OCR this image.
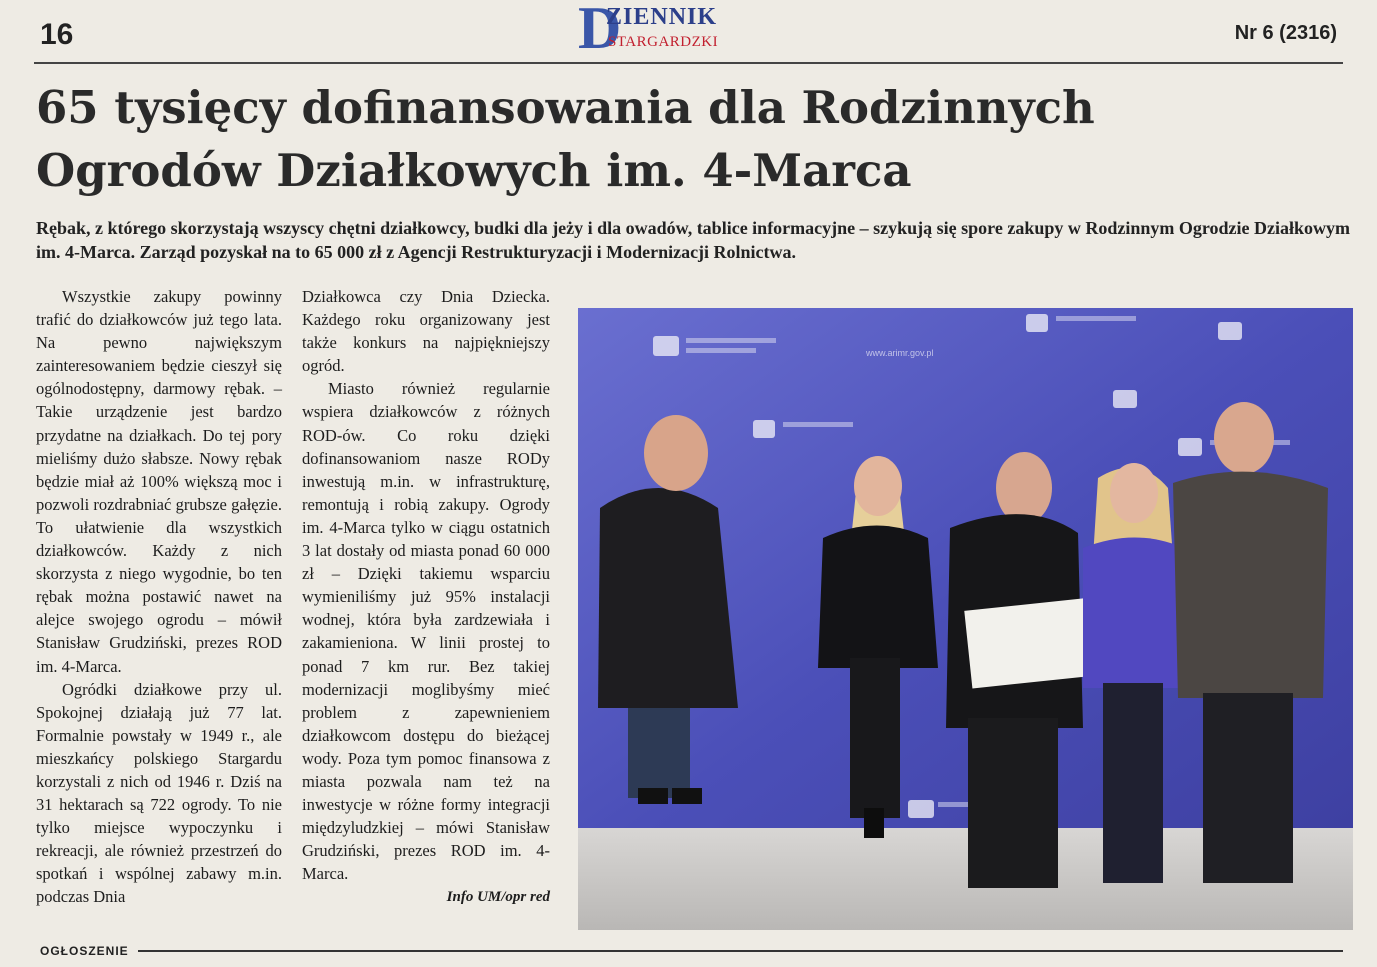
16	D
ZIENNIK
STARGARDZKI	Nr 6 (2316)
65 tysięcy dofinansowania dla Rodzinnych
Ogrodów Działkowych im. 4-Marca

Rębak, z którego skorzystają wszyscy chętni działkowcy, budki dla jeży i dla owadów, tablice informacyjne – szykują się spore zakupy w Rodzinnym Ogrodzie Działkowym im. 4-Marca. Zarząd pozyskał na to 65 000 zł z Agencji Restrukturyzacji i Modernizacji Rolnictwa.

Wszystkie zakupy powinny trafić do działkowców już tego lata. Na pewno największym zainteresowaniem będzie cieszył się ogólnodostępny, darmowy rębak. – Takie urządzenie jest bardzo przydatne na działkach. Do tej pory mieliśmy dużo słabsze. Nowy rębak będzie miał aż 100% większą moc i pozwoli rozdrabniać grubsze gałęzie. To ułatwienie dla wszystkich działkowców. Każdy z nich skorzysta z niego wygodnie, bo ten rębak można postawić nawet na alejce swojego ogrodu – mówił Stanisław Grudziński, prezes ROD im. 4-Marca.

Ogródki działkowe przy ul. Spokojnej działają już 77 lat. Formalnie powstały w 1949 r., ale mieszkańcy polskiego Stargardu korzystali z nich od 1946 r. Dziś na 31 hektarach są 722 ogrody. To nie tylko miejsce wypoczynku i rekreacji, ale również przestrzeń do spotkań i wspólnej zabawy m.in. podczas Dnia

Działkowca czy Dnia Dziecka. Każdego roku organizowany jest także konkurs na najpiękniejszy ogród.

Miasto również regularnie wspiera działkowców z różnych ROD-ów. Co roku dzięki dofinansowaniom nasze RODy inwestują m.in. w infrastrukturę, remontują i robią zakupy. Ogrody im. 4-Marca tylko w ciągu ostatnich 3 lat dostały od miasta ponad 60 000 zł – Dzięki takiemu wsparciu wymieniliśmy już 95% instalacji wodnej, która była zardzewiała i zakamieniona. W linii prostej to ponad 7 km rur. Bez takiej modernizacji moglibyśmy mieć problem z zapewnieniem działkowcom dostępu do bieżącej wody. Poza tym pomoc finansowa z miasta pozwala nam też na inwestycje w różne formy integracji międzyludzkiej – mówi Stanisław Grudziński, prezes ROD im. 4-Marca.

Info UM/opr red
www.arimr.gov.pl
OGŁOSZENIE
